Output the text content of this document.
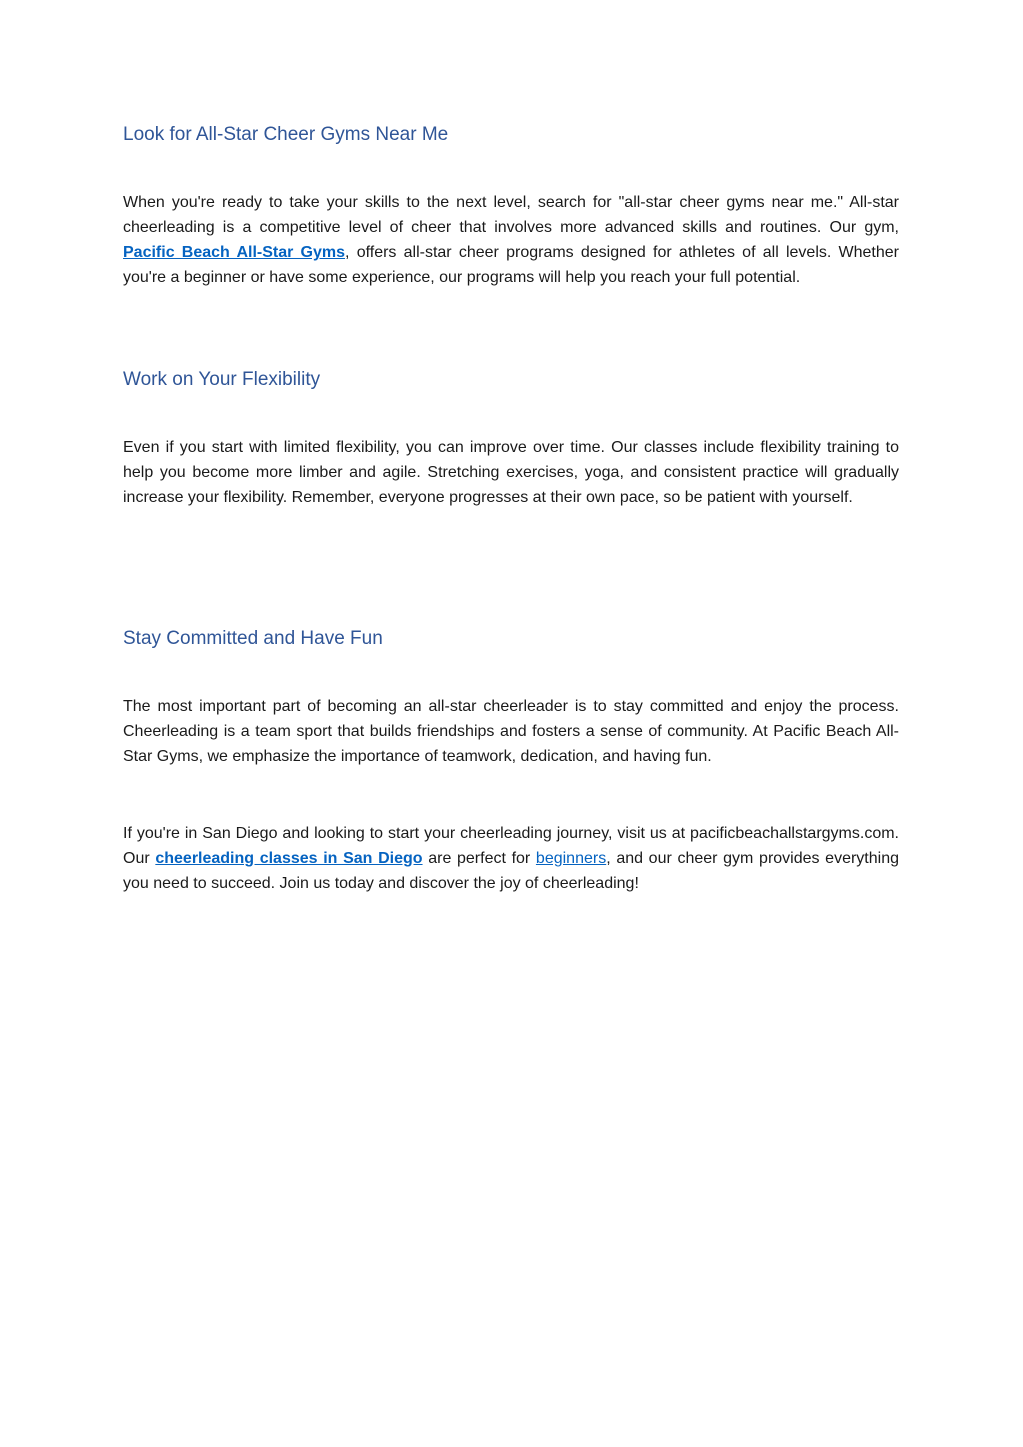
Look for All-Star Cheer Gyms Near Me

When you're ready to take your skills to the next level, search for "all-star cheer gyms near me." All-star cheerleading is a competitive level of cheer that involves more advanced skills and routines. Our gym, Pacific Beach All-Star Gyms, offers all-star cheer programs designed for athletes of all levels. Whether you're a beginner or have some experience, our programs will help you reach your full potential.

Work on Your Flexibility

Even if you start with limited flexibility, you can improve over time. Our classes include flexibility training to help you become more limber and agile. Stretching exercises, yoga, and consistent practice will gradually increase your flexibility. Remember, everyone progresses at their own pace, so be patient with yourself.

Stay Committed and Have Fun

The most important part of becoming an all-star cheerleader is to stay committed and enjoy the process. Cheerleading is a team sport that builds friendships and fosters a sense of community. At Pacific Beach All-Star Gyms, we emphasize the importance of teamwork, dedication, and having fun.

If you're in San Diego and looking to start your cheerleading journey, visit us at pacificbeachallstargyms.com. Our cheerleading classes in San Diego are perfect for beginners, and our cheer gym provides everything you need to succeed. Join us today and discover the joy of cheerleading!
